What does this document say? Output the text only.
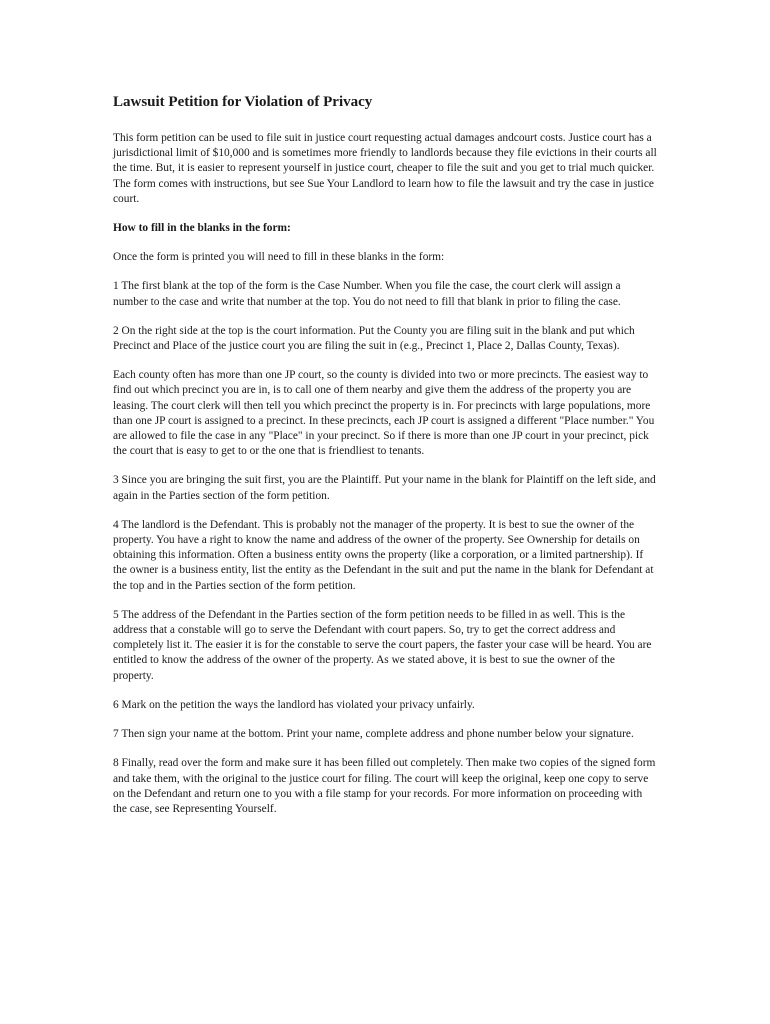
Lawsuit Petition for Violation of Privacy

This form petition can be used to file suit in justice court requesting actual damages andcourt costs. Justice court has a jurisdictional limit of $10,000 and is sometimes more friendly to landlords because they file evictions in their courts all the time. But, it is easier to represent yourself in justice court, cheaper to file the suit and you get to trial much quicker. The form comes with instructions, but see Sue Your Landlord to learn how to file the lawsuit and try the case in justice court.

How to fill in the blanks in the form:

Once the form is printed you will need to fill in these blanks in the form:

1 The first blank at the top of the form is the Case Number. When you file the case, the court clerk will assign a number to the case and write that number at the top. You do not need to fill that blank in prior to filing the case.

2 On the right side at the top is the court information. Put the County you are filing suit in the blank and put which Precinct and Place of the justice court you are filing the suit in (e.g., Precinct 1, Place 2, Dallas County, Texas).

Each county often has more than one JP court, so the county is divided into two or more precincts. The easiest way to find out which precinct you are in, is to call one of them nearby and give them the address of the property you are leasing. The court clerk will then tell you which precinct the property is in. For precincts with large populations, more than one JP court is assigned to a precinct. In these precincts, each JP court is assigned a different "Place number." You are allowed to file the case in any "Place" in your precinct. So if there is more than one JP court in your precinct, pick the court that is easy to get to or the one that is friendliest to tenants.

3 Since you are bringing the suit first, you are the Plaintiff. Put your name in the blank for Plaintiff on the left side, and again in the Parties section of the form petition.

4 The landlord is the Defendant. This is probably not the manager of the property. It is best to sue the owner of the property. You have a right to know the name and address of the owner of the property. See Ownership for details on obtaining this information. Often a business entity owns the property (like a corporation, or a limited partnership). If the owner is a business entity, list the entity as the Defendant in the suit and put the name in the blank for Defendant at the top and in the Parties section of the form petition.

5 The address of the Defendant in the Parties section of the form petition needs to be filled in as well. This is the address that a constable will go to serve the Defendant with court papers. So, try to get the correct address and completely list it. The easier it is for the constable to serve the court papers, the faster your case will be heard. You are entitled to know the address of the owner of the property. As we stated above, it is best to sue the owner of the property.

6 Mark on the petition the ways the landlord has violated your privacy unfairly.

7 Then sign your name at the bottom. Print your name, complete address and phone number below your signature.

8 Finally, read over the form and make sure it has been filled out completely. Then make two copies of the signed form and take them, with the original to the justice court for filing. The court will keep the original, keep one copy to serve on the Defendant and return one to you with a file stamp for your records. For more information on proceeding with the case, see Representing Yourself.
